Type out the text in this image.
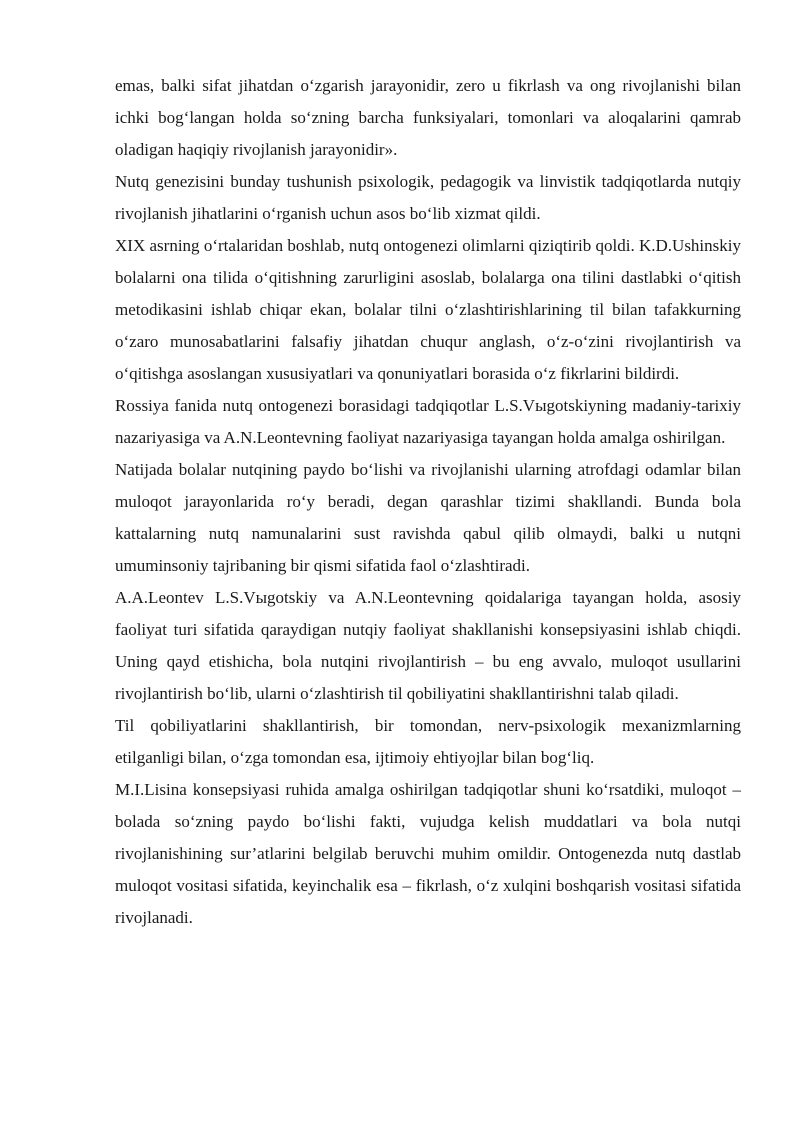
emas, balki sifat jihatdan o‘zgarish jarayonidir, zero u fikrlash va ong rivojlanishi bilan ichki bog‘langan holda so‘zning barcha funksiyalari, tomonlari va aloqalarini qamrab oladigan haqiqiy rivojlanish jarayonidir».

Nutq genezisini bunday tushunish psixologik, pedagogik va linvistik tadqiqotlarda nutqiy rivojlanish jihatlarini o‘rganish uchun asos bo‘lib xizmat qildi.

XIX asrning o‘rtalaridan boshlab, nutq ontogenezi olimlarni qiziqtirib qoldi. K.D.Ushinskiy bolalarni ona tilida o‘qitishning zarurligini asoslab, bolalarga ona tilini dastlabki o‘qitish metodikasini ishlab chiqar ekan, bolalar tilni o‘zlashtirishlarining til bilan tafakkurning o‘zaro munosabatlarini falsafiy jihatdan chuqur anglash, o‘z-o‘zini rivojlantirish va o‘qitishga asoslangan xususiyatlari va qonuniyatlari borasida o‘z fikrlarini bildirdi.

Rossiya fanida nutq ontogenezi borasidagi tadqiqotlar L.S.Vыgotskiyning madaniy-tarixiy nazariyasiga va A.N.Leontevning faoliyat nazariyasiga tayangan holda amalga oshirilgan.

Natijada bolalar nutqining paydo bo‘lishi va rivojlanishi ularning atrofdagi odamlar bilan muloqot jarayonlarida ro‘y beradi, degan qarashlar tizimi shakllandi. Bunda bola kattalarning nutq namunalarini sust ravishda qabul qilib olmaydi, balki u nutqni umuminsoniy tajribaning bir qismi sifatida faol o‘zlashtiradi.

A.A.Leontev L.S.Vыgotskiy va A.N.Leontevning qoidalariga tayangan holda, asosiy faoliyat turi sifatida qaraydigan nutqiy faoliyat shakllanishi konsepsiyasini ishlab chiqdi. Uning qayd etishicha, bola nutqini rivojlantirish – bu eng avvalo, muloqot usullarini rivojlantirish bo‘lib, ularni o‘zlashtirish til qobiliyatini shakllantirishni talab qiladi.

Til qobiliyatlarini shakllantirish, bir tomondan, nerv-psixologik mexanizmlarning etilganligi bilan, o‘zga tomondan esa, ijtimoiy ehtiyojlar bilan bog‘liq.

M.I.Lisina konsepsiyasi ruhida amalga oshirilgan tadqiqotlar shuni ko‘rsatdiki, muloqot – bolada so‘zning paydo bo‘lishi fakti, vujudga kelish muddatlari va bola nutqi rivojlanishining sur’atlarini belgilab beruvchi muhim omildir. Ontogenezda nutq dastlab muloqot vositasi sifatida, keyinchalik esa – fikrlash, o‘z xulqini boshqarish vositasi sifatida rivojlanadi.
